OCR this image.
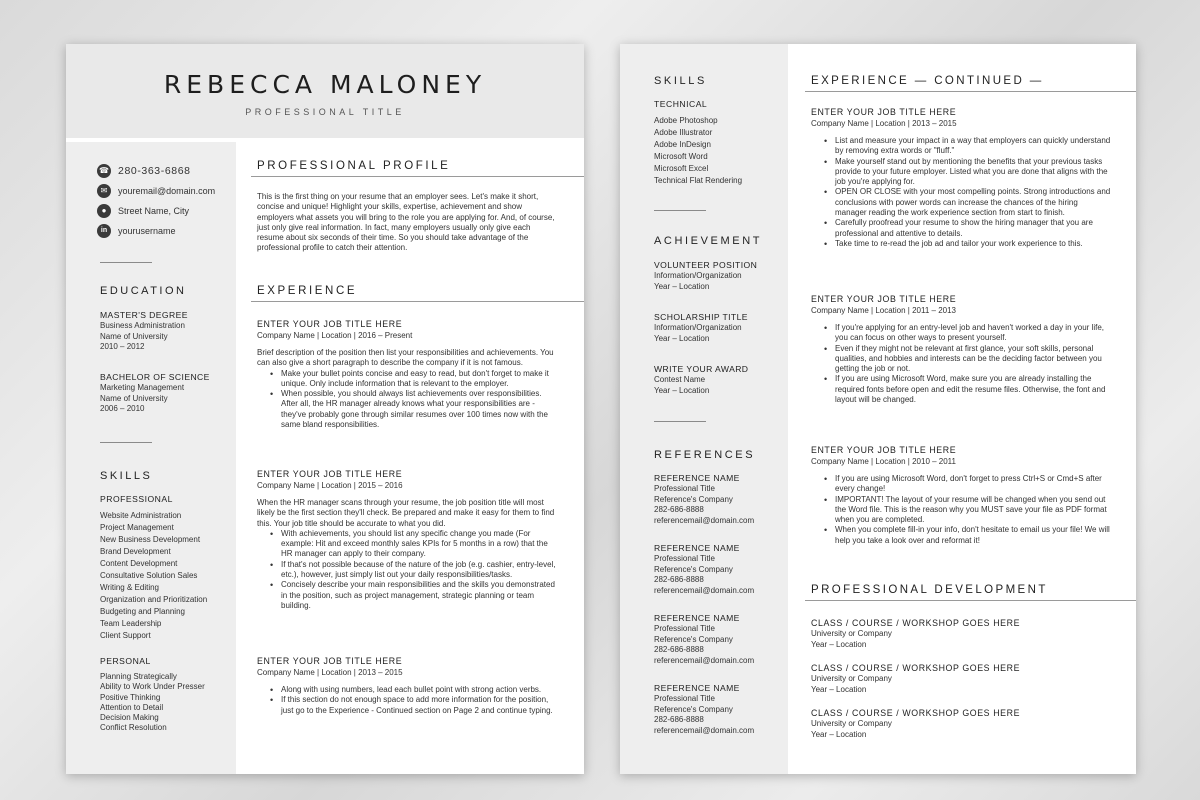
REBECCA MALONEY
PROFESSIONAL TITLE
☎ 280-363-6868
✉	youremail@domain.com
●	Street Name, City
in	yourusername
EDUCATION
MASTER'S DEGREE
Business Administration
Name of University
2010 – 2012
BACHELOR OF SCIENCE
Marketing Management
Name of University
2006 – 2010
SKILLS
PROFESSIONAL
Website Administration
Project Management
New Business Development
Brand Development
Content Development
Consultative Solution Sales
Writing & Editing
Organization and Prioritization
Budgeting and Planning
Team Leadership
Client Support
PERSONAL
Planning Strategically
Ability to Work Under Presser
Positive Thinking
Attention to Detail
Decision Making
Conflict Resolution
PROFESSIONAL PROFILE
This is the first thing on your resume that an employer sees. Let's make it short, concise and unique! Highlight your skills, expertise, achievement and show employers what assets you will bring to the role you are applying for. And, of course, just only give real information. In fact, many employers usually only give each resume about six seconds of their time. So you should take advantage of the professional profile to catch their attention.
EXPERIENCE
ENTER YOUR JOB TITLE HERE
Company Name | Location | 2016 – Present
Brief description of the position then list your responsibilities and achievements. You can also give a short paragraph to describe the company if it is not famous.
• Make your bullet points concise and easy to read, but don't forget to make it unique. Only include information that is relevant to the employer.
• When possible, you should always list achievements over responsibilities. After all, the HR manager already knows what your responsibilities are - they've probably gone through similar resumes over 100 times now with the same bland responsibilities.
ENTER YOUR JOB TITLE HERE
Company Name | Location | 2015 – 2016
When the HR manager scans through your resume, the job position title will most likely be the first section they'll check. Be prepared and make it easy for them to find this. Your job title should be accurate to what you did.
• With achievements, you should list any specific change you made (For example: Hit and exceed monthly sales KPIs for 5 months in a row) that the HR manager can apply to their company.
• If that's not possible because of the nature of the job (e.g. cashier, entry-level, etc.), however, just simply list out your daily responsibilities/tasks.
• Concisely describe your main responsibilities and the skills you demonstrated in the position, such as project management, strategic planning or team building.
ENTER YOUR JOB TITLE HERE
Company Name | Location | 2013 – 2015
• Along with using numbers, lead each bullet point with strong action verbs.
• If this section do not enough space to add more information for the position, just go to the Experience - Continued section on Page 2 and continue typing.
SKILLS
TECHNICAL
Adobe Photoshop
Adobe Illustrator
Adobe InDesign
Microsoft Word
Microsoft Excel
Technical Flat Rendering
ACHIEVEMENT
VOLUNTEER POSITION
Information/Organization
Year – Location
SCHOLARSHIP TITLE
Information/Organization
Year – Location
WRITE YOUR AWARD
Contest Name
Year – Location
REFERENCES
REFERENCE NAME
Professional Title
Reference's Company
282-686-8888
referencemail@domain.com
REFERENCE NAME
Professional Title
Reference's Company
282-686-8888
referencemail@domain.com
REFERENCE NAME
Professional Title
Reference's Company
282-686-8888
referencemail@domain.com
REFERENCE NAME
Professional Title
Reference's Company
282-686-8888
referencemail@domain.com
EXPERIENCE — CONTINUED —
ENTER YOUR JOB TITLE HERE
Company Name | Location | 2013 – 2015
• List and measure your impact in a way that employers can quickly understand by removing extra words or "fluff."
• Make yourself stand out by mentioning the benefits that your previous tasks provide to your future employer. Listed what you are done that aligns with the job you're applying for.
• OPEN OR CLOSE with your most compelling points. Strong introductions and conclusions with power words can increase the chances of the hiring manager reading the work experience section from start to finish.
• Carefully proofread your resume to show the hiring manager that you are professional and attentive to details.
• Take time to re-read the job ad and tailor your work experience to this.
ENTER YOUR JOB TITLE HERE
Company Name | Location | 2011 – 2013
• If you're applying for an entry-level job and haven't worked a day in your life, you can focus on other ways to present yourself.
• Even if they might not be relevant at first glance, your soft skills, personal qualities, and hobbies and interests can be the deciding factor between you getting the job or not.
• If you are using Microsoft Word, make sure you are already installing the required fonts before open and edit the resume files. Otherwise, the font and layout will be changed.
ENTER YOUR JOB TITLE HERE
Company Name | Location | 2010 – 2011
• If you are using Microsoft Word, don't forget to press Ctrl+S or Cmd+S after every change!
• IMPORTANT! The layout of your resume will be changed when you send out the Word file. This is the reason why you MUST save your file as PDF format when you are completed.
• When you complete fill-in your info, don't hesitate to email us your file! We will help you take a look over and reformat it!
PROFESSIONAL DEVELOPMENT
CLASS / COURSE / WORKSHOP GOES HERE
University or Company
Year – Location
CLASS / COURSE / WORKSHOP GOES HERE
University or Company
Year – Location
CLASS / COURSE / WORKSHOP GOES HERE
University or Company
Year – Location
